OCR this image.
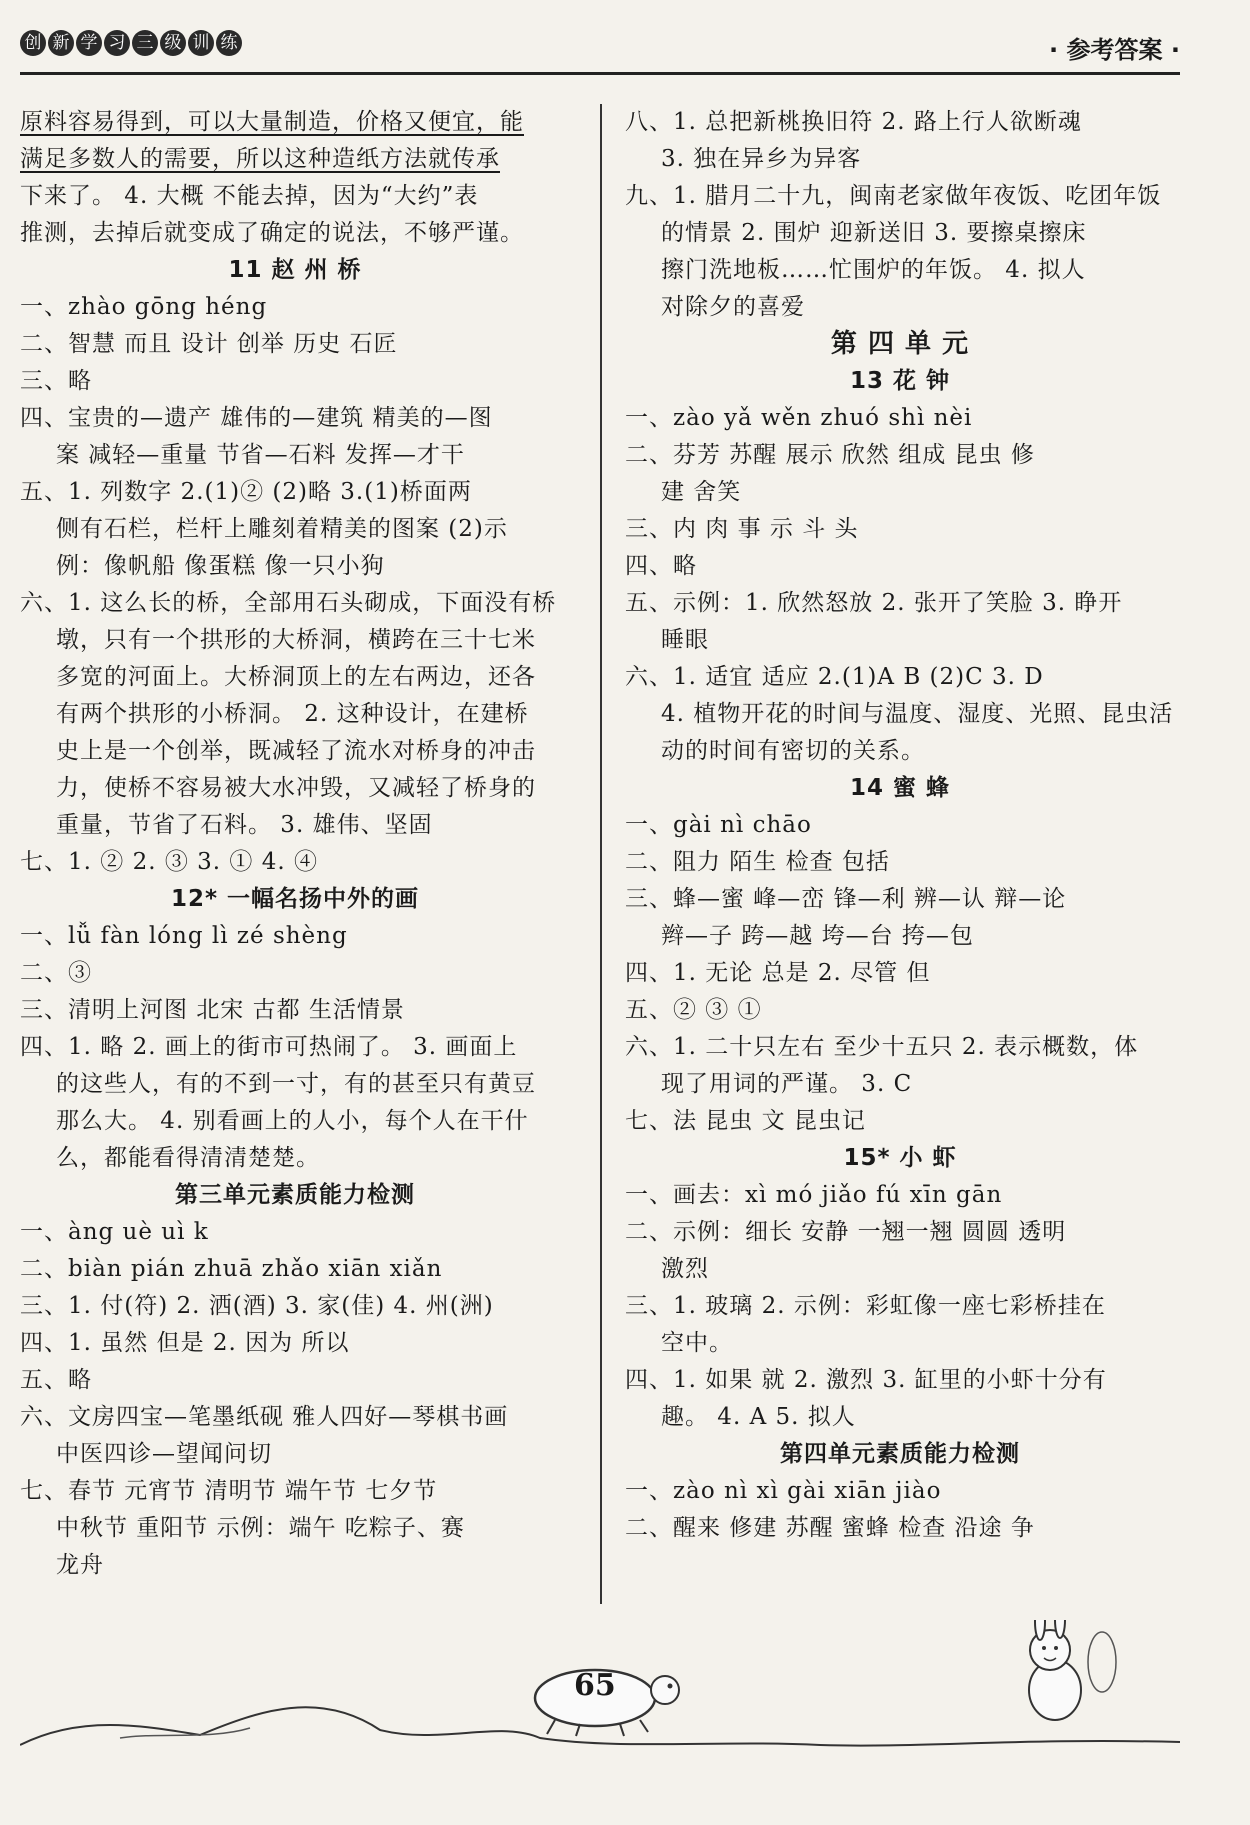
创 新 学 习 三 级 训 练	· 参考答案 ·
原料容易得到，可以大量制造，价格又便宜，能
满足多数人的需要，所以这种造纸方法就传承
下来了。 4. 大概 不能去掉，因为“大约”表
推测，去掉后就变成了确定的说法，不够严谨。
11 赵 州 桥
一、zhào gōng héng
二、智慧 而且 设计 创举 历史 石匠
三、略
四、宝贵的—遗产 雄伟的—建筑 精美的—图
案 减轻—重量 节省—石料 发挥—才干
五、1. 列数字 2.(1)② (2)略 3.(1)桥面两
侧有石栏，栏杆上雕刻着精美的图案 (2)示
例：像帆船 像蛋糕 像一只小狗
六、1. 这么长的桥，全部用石头砌成，下面没有桥
墩，只有一个拱形的大桥洞，横跨在三十七米
多宽的河面上。大桥洞顶上的左右两边，还各
有两个拱形的小桥洞。 2. 这种设计，在建桥
史上是一个创举，既减轻了流水对桥身的冲击
力，使桥不容易被大水冲毁，又减轻了桥身的
重量，节省了石料。 3. 雄伟、坚固
七、1. ② 2. ③ 3. ① 4. ④
12* 一幅名扬中外的画
一、lǚ fàn lóng lì zé shèng
二、③
三、清明上河图 北宋 古都 生活情景
四、1. 略 2. 画上的街市可热闹了。 3. 画面上
的这些人，有的不到一寸，有的甚至只有黄豆
那么大。 4. 别看画上的人小，每个人在干什
么，都能看得清清楚楚。
第三单元素质能力检测
一、àng uè uì k
二、biàn pián zhuā zhǎo xiān xiǎn
三、1. 付(符) 2. 洒(酒) 3. 家(佳) 4. 州(洲)
四、1. 虽然 但是 2. 因为 所以
五、略
六、文房四宝—笔墨纸砚 雅人四好—琴棋书画
中医四诊—望闻问切
七、春节 元宵节 清明节 端午节 七夕节
中秋节 重阳节 示例：端午 吃粽子、赛
龙舟
八、1. 总把新桃换旧符 2. 路上行人欲断魂
3. 独在异乡为异客
九、1. 腊月二十九，闽南老家做年夜饭、吃团年饭
的情景 2. 围炉 迎新送旧 3. 要擦桌擦床
擦门洗地板……忙围炉的年饭。 4. 拟人
对除夕的喜爱
第 四 单 元
13 花 钟
一、zào yǎ wěn zhuó shì nèi
二、芬芳 苏醒 展示 欣然 组成 昆虫 修
建 舍笑
三、内 肉 事 示 斗 头
四、略
五、示例：1. 欣然怒放 2. 张开了笑脸 3. 睁开
睡眼
六、1. 适宜 适应 2.(1)A B (2)C 3. D
4. 植物开花的时间与温度、湿度、光照、昆虫活
动的时间有密切的关系。
14 蜜 蜂
一、gài nì chāo
二、阻力 陌生 检查 包括
三、蜂—蜜 峰—峦 锋—利 辨—认 辩—论
辫—子 跨—越 垮—台 挎—包
四、1. 无论 总是 2. 尽管 但
五、② ③ ①
六、1. 二十只左右 至少十五只 2. 表示概数，体
现了用词的严谨。 3. C
七、法 昆虫 文 昆虫记
15* 小 虾
一、画去：xì mó jiǎo fú xīn gān
二、示例：细长 安静 一翘一翘 圆圆 透明
激烈
三、1. 玻璃 2. 示例：彩虹像一座七彩桥挂在
空中。
四、1. 如果 就 2. 激烈 3. 缸里的小虾十分有
趣。 4. A 5. 拟人
第四单元素质能力检测
一、zào nì xì gài xiān jiào
二、醒来 修建 苏醒 蜜蜂 检查 沿途 争
65
